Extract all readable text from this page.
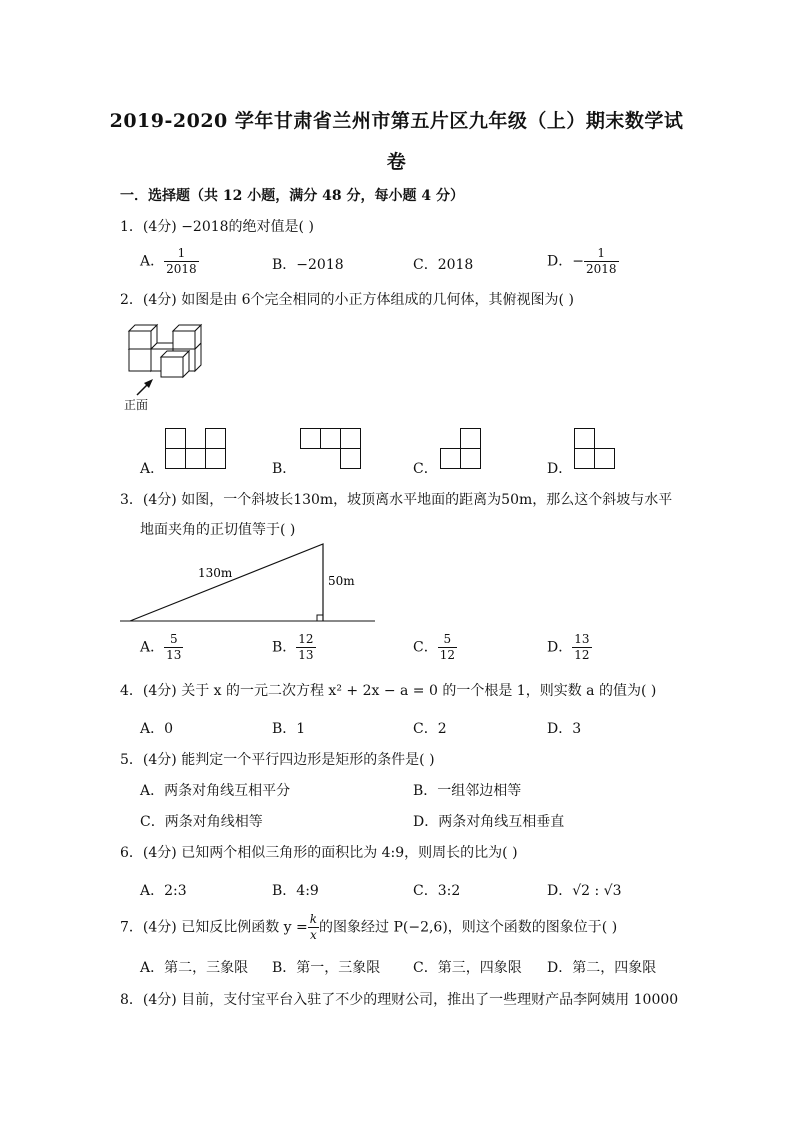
2019-2020 学年甘肃省兰州市第五片区九年级（上）期末数学试
卷
一．选择题（共 12 小题，满分 48 分，每小题 4 分）
1．(4分) −2018的绝对值是( )
A． $\frac{1}{2018}$	B．−2018	C．2018	D．− $\frac{1}{2018}$
2．(4分) 如图是由 6个完全相同的小正方体组成的几何体，其俯视图为( )
正面
A．	B．	C．	D．
3．(4分) 如图，一个斜坡长130m，坡顶离水平地面的距离为50m，那么这个斜坡与水平
地面夹角的正切值等于( )
130m
50m
A． $\frac{5}{13}$	B． $\frac{12}{13}$	C． $\frac{5}{12}$	D． $\frac{13}{12}$
4．(4分) 关于 x 的一元二次方程 x² + 2x − a = 0 的一个根是 1，则实数 a 的值为( )
A．0	B．1	C．2	D．3
5．(4分) 能判定一个平行四边形是矩形的条件是( )
A．两条对角线互相平分	B．一组邻边相等
C．两条对角线相等	D．两条对角线互相垂直
6．(4分) 已知两个相似三角形的面积比为 4:9，则周长的比为( )
A．2:3	B．4:9	C．3:2	D．√2 : √3
7．(4分) 已知反比例函数 $y = \frac{k}{x}$ 的图象经过 P(−2,6)，则这个函数的图象位于( )
A．第二，三象限 B．第一，三象限 C．第三，四象限 D．第二，四象限
8．(4分) 目前，支付宝平台入驻了不少的理财公司，推出了一些理财产品李阿姨用 10000
